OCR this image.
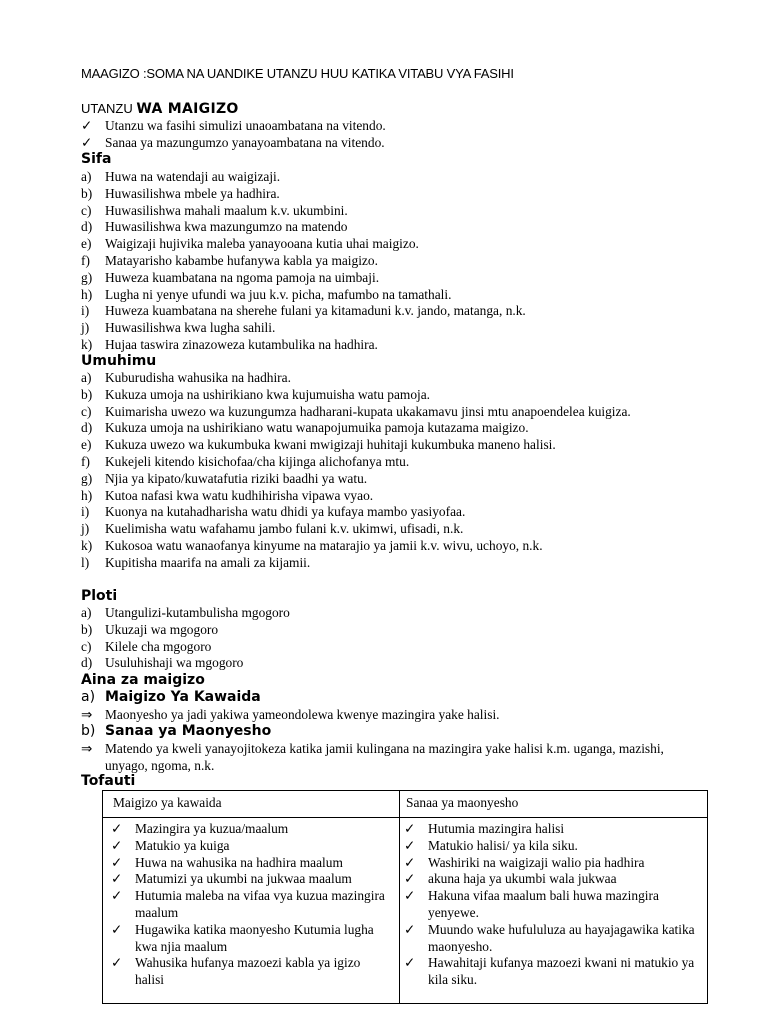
MAAGIZO :SOMA NA UANDIKE UTANZU HUU KATIKA VITABU VYA FASIHI
UTANZU WA MAIGIZO
✓ Utanzu wa fasihi simulizi unaoambatana na vitendo.
✓ Sanaa ya mazungumzo yanayoambatana na vitendo.
Sifa
a) Huwa na watendaji au waigizaji.
b) Huwasilishwa mbele ya hadhira.
c) Huwasilishwa mahali maalum k.v. ukumbini.
d) Huwasilishwa kwa mazungumzo na matendo
e) Waigizaji hujivika maleba yanayooana kutia uhai maigizo.
f) Matayarisho kabambe hufanywa kabla ya maigizo.
g) Huweza kuambatana na ngoma pamoja na uimbaji.
h) Lugha ni yenye ufundi wa juu k.v. picha, mafumbo na tamathali.
i) Huweza kuambatana na sherehe fulani ya kitamaduni k.v. jando, matanga, n.k.
j) Huwasilishwa kwa lugha sahili.
k) Hujaa taswira zinazoweza kutambulika na hadhira.
Umuhimu
a) Kuburudisha wahusika na hadhira.
b) Kukuza umoja na ushirikiano kwa kujumuisha watu pamoja.
c) Kuimarisha uwezo wa kuzungumza hadharani-kupata ukakamavu jinsi mtu anapoendelea kuigiza.
d) Kukuza umoja na ushirikiano watu wanapojumuika pamoja kutazama maigizo.
e) Kukuza uwezo wa kukumbuka kwani mwigizaji huhitaji kukumbuka maneno halisi.
f) Kukejeli kitendo kisichofaa/cha kijinga alichofanya mtu.
g) Njia ya kipato/kuwatafutia riziki baadhi ya watu.
h) Kutoa nafasi kwa watu kudhihirisha vipawa vyao.
i) Kuonya na kutahadharisha watu dhidi ya kufaya mambo yasiyofaa.
j) Kuelimisha watu wafahamu jambo fulani k.v. ukimwi, ufisadi, n.k.
k) Kukosoa watu wanaofanya kinyume na matarajio ya jamii k.v. wivu, uchoyo, n.k.
l) Kupitisha maarifa na amali za kijamii.
Ploti
a) Utangulizi-kutambulisha mgogoro
b) Ukuzaji wa mgogoro
c) Kilele cha mgogoro
d) Usuluhishaji wa mgogoro
Aina za maigizo
a) Maigizo Ya Kawaida
⇒ Maonyesho ya jadi yakiwa yameondolewa kwenye mazingira yake halisi.
b) Sanaa ya Maonyesho
⇒ Matendo ya kweli yanayojitokeza katika jamii kulingana na mazingira yake halisi k.m. uganga, mazishi, unyago, ngoma, n.k.
Tofauti
Maigizo ya kawaida	Sanaa ya maonyesho
✓ Mazingira ya kuzua/maalum
✓ Matukio ya kuiga
✓ Huwa na wahusika na hadhira maalum
✓ Matumizi ya ukumbi na jukwaa maalum
✓ Hutumia maleba na vifaa vya kuzua mazingira maalum
✓ Hugawika katika maonyesho Kutumia lugha kwa njia maalum
✓ Wahusika hufanya mazoezi kabla ya igizo halisi
✓ Hutumia mazingira halisi
✓ Matukio halisi/ ya kila siku.
✓ Washiriki na waigizaji walio pia hadhira
✓ akuna haja ya ukumbi wala jukwaa
✓ Hakuna vifaa maalum bali huwa mazingira yenyewe.
✓ Muundo wake hufululuza au hayajagawika katika maonyesho.
✓ Hawahitaji kufanya mazoezi kwani ni matukio ya kila siku.
